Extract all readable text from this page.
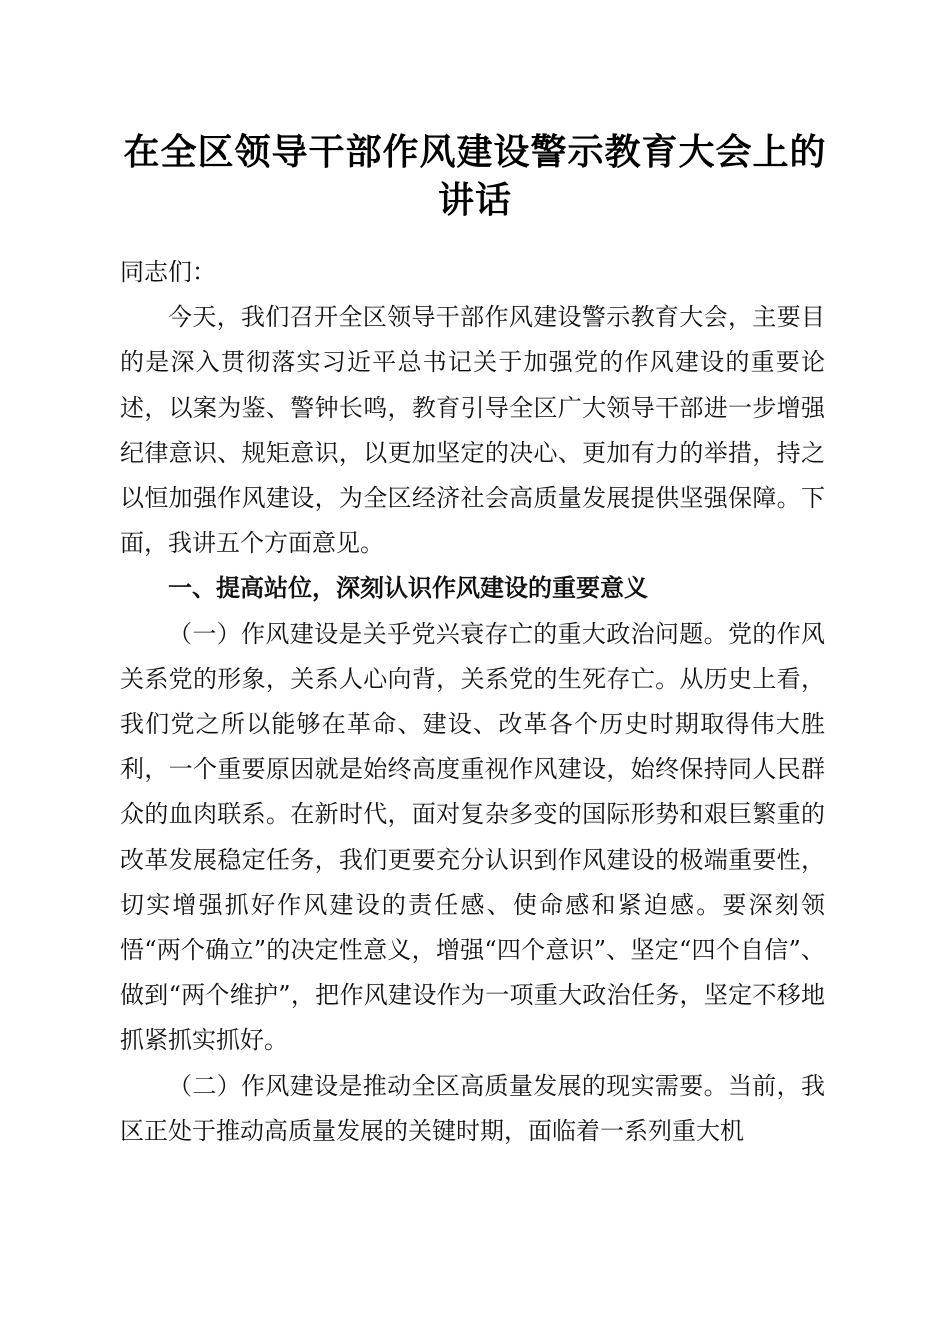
在全区领导干部作风建设警示教育大会上的讲话

同志们：

今天，我们召开全区领导干部作风建设警示教育大会，主要目的是深入贯彻落实习近平总书记关于加强党的作风建设的重要论述，以案为鉴、警钟长鸣，教育引导全区广大领导干部进一步增强纪律意识、规矩意识，以更加坚定的决心、更加有力的举措，持之以恒加强作风建设，为全区经济社会高质量发展提供坚强保障。下面，我讲五个方面意见。

一、提高站位，深刻认识作风建设的重要意义

（一）作风建设是关乎党兴衰存亡的重大政治问题。党的作风关系党的形象，关系人心向背，关系党的生死存亡。从历史上看，我们党之所以能够在革命、建设、改革各个历史时期取得伟大胜利，一个重要原因就是始终高度重视作风建设，始终保持同人民群众的血肉联系。在新时代，面对复杂多变的国际形势和艰巨繁重的改革发展稳定任务，我们更要充分认识到作风建设的极端重要性，切实增强抓好作风建设的责任感、使命感和紧迫感。要深刻领悟“两个确立”的决定性意义，增强“四个意识”、坚定“四个自信”、做到“两个维护”，把作风建设作为一项重大政治任务，坚定不移地抓紧抓实抓好。

（二）作风建设是推动全区高质量发展的现实需要。当前，我区正处于推动高质量发展的关键时期，面临着一系列重大机
